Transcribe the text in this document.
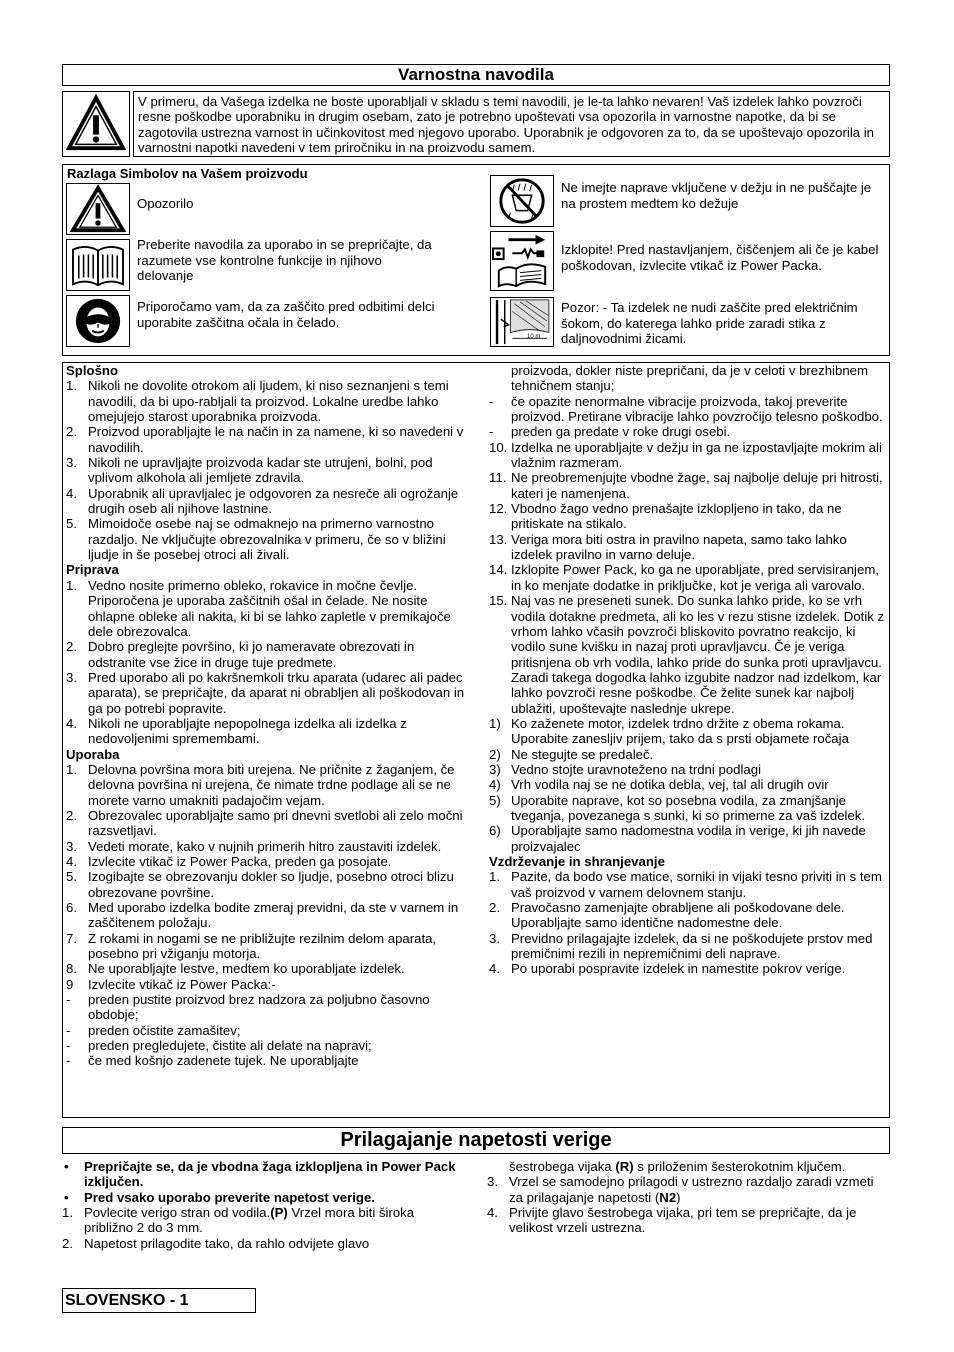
Varnostna navodila

V primeru, da Vašega izdelka ne boste uporabljali v skladu s temi navodili, je le-ta lahko nevaren! Vaš izdelek lahko povzroči resne poškodbe uporabniku in drugim osebam, zato je potrebno upoštevati vsa opozorila in varnostne napotke, da bi se zagotovila ustrezna varnost in učinkovitost med njegovo uporabo. Uporabnik je odgovoren za to, da se upoštevajo opozorila in varnostni napotki navedeni v tem priročniku in na proizvodu samem.

Razlaga Simbolov na Vašem proizvodu
Opozorilo
Preberite navodila za uporabo in se prepričajte, da razumete vse kontrolne funkcije in njihovo delovanje
Priporočamo vam, da za zaščito pred odbitimi delci uporabite zaščitna očala in čelado.
Ne imejte naprave vključene v dežju in ne puščajte je na prostem medtem ko dežuje
Izklopite! Pred nastavljanjem, čiščenjem ali če je kabel poškodovan, izvlecite vtikač iz Power Packa.
10 m
Pozor: - Ta izdelek ne nudi zaščite pred električnim šokom, do katerega lahko pride zaradi stika z daljnovodnimi žicami.

Splošno

1. Nikoli ne dovolite otrokom ali ljudem, ki niso seznanjeni s temi navodili, da bi upo-rabljali ta proizvod. Lokalne uredbe lahko omejujejo starost uporabnika proizvoda.

2. Proizvod uporabljajte le na način in za namene, ki so navedeni v navodilih.

3. Nikoli ne upravljajte proizvoda kadar ste utrujeni, bolni, pod vplivom alkohola ali jemljete zdravila.

4. Uporabnik ali upravljalec je odgovoren za nesreče ali ogrožanje drugih oseb ali njihove lastnine.

5. Mimoidoče osebe naj se odmaknejo na primerno varnostno razdaljo. Ne vključujte obrezovalnika v primeru, če so v bližini ljudje in še posebej otroci ali živali.

Priprava

1. Vedno nosite primerno obleko, rokavice in močne čevlje. Priporočena je uporaba zaščitnih ošal in čelade. Ne nosite ohlapne obleke ali nakita, ki bi se lahko zapletle v premikajoče dele obrezovalca.

2. Dobro preglejte površino, ki jo nameravate obrezovati in odstranite vse žice in druge tuje predmete.

3. Pred uporabo ali po kakršnemkoli trku aparata (udarec ali padec aparata), se prepričajte, da aparat ni obrabljen ali poškodovan in ga po potrebi popravite.

4. Nikoli ne uporabljajte nepopolnega izdelka ali izdelka z nedovoljenimi spremembami.

Uporaba

1. Delovna površina mora biti urejena. Ne pričnite z žaganjem, če delovna površina ni urejena, če nimate trdne podlage ali se ne morete varno umakniti padajočim vejam.

2. Obrezovalec uporabljajte samo pri dnevni svetlobi ali zelo močni razsvetljavi.

3. Vedeti morate, kako v nujnih primerih hitro zaustaviti izdelek.

4. Izvlecite vtikač iz Power Packa, preden ga posojate.

5. Izogibajte se obrezovanju dokler so ljudje, posebno otroci blizu obrezovane površine.

6. Med uporabo izdelka bodite zmeraj previdni, da ste v varnem in zaščitenem položaju.

7. Z rokami in nogami se ne približujte rezilnim delom aparata, posebno pri vžiganju motorja.

8. Ne uporabljajte lestve, medtem ko uporabljate izdelek.

9 Izvlecite vtikač iz Power Packa:-

- preden pustite proizvod brez nadzora za poljubno časovno obdobje;

- preden očistite zamašitev;

- preden pregledujete, čistite ali delate na napravi;

- če med košnjo zadenete tujek. Ne uporabljajte

proizvoda, dokler niste prepričani, da je v celoti v brezhibnem tehničnem stanju;

- če opazite nenormalne vibracije proizvoda, takoj preverite proizvod. Pretirane vibracije lahko povzročijo telesno poškodbo.

- preden ga predate v roke drugi osebi.

10. Izdelka ne uporabljajte v dežju in ga ne izpostavljajte mokrim ali vlažnim razmeram.

11. Ne preobremenjujte vbodne žage, saj najbolje deluje pri hitrosti, kateri je namenjena.

12. Vbodno žago vedno prenašajte izklopljeno in tako, da ne pritiskate na stikalo.

13. Veriga mora biti ostra in pravilno napeta, samo tako lahko izdelek pravilno in varno deluje.

14. Izklopite Power Pack, ko ga ne uporabljate, pred servisiranjem, in ko menjate dodatke in priključke, kot je veriga ali varovalo.

15. Naj vas ne preseneti sunek. Do sunka lahko pride, ko se vrh vodila dotakne predmeta, ali ko les v rezu stisne izdelek. Dotik z vrhom lahko včasih povzroči bliskovito povratno reakcijo, ki vodilo sune kvišku in nazaj proti upravljavcu. Če je veriga pritisnjena ob vrh vodila, lahko pride do sunka proti upravljavcu. Zaradi takega dogodka lahko izgubite nadzor nad izdelkom, kar lahko povzroči resne poškodbe. Če želite sunek kar najbolj ublažiti, upoštevajte naslednje ukrepe.

1) Ko zaženete motor, izdelek trdno držite z obema rokama. Uporabite zanesljiv prijem, tako da s prsti objamete ročaja

2) Ne stegujte se predaleč.

3) Vedno stojte uravnoteženo na trdni podlagi

4) Vrh vodila naj se ne dotika debla, vej, tal ali drugih ovir

5) Uporabite naprave, kot so posebna vodila, za zmanjšanje tveganja, povezanega s sunki, ki so primerne za vaš izdelek.

6) Uporabljajte samo nadomestna vodila in verige, ki jih navede proizvajalec

Vzdrževanje in shranjevanje

1. Pazite, da bodo vse matice, sorniki in vijaki tesno priviti in s tem vaš proizvod v varnem delovnem stanju.

2. Pravočasno zamenjajte obrabljene ali poškodovane dele. Uporabljajte samo identične nadomestne dele.

3. Previdno prilagajajte izdelek, da si ne poškodujete prstov med premičnimi rezili in nepremičnimi deli naprave.

4. Po uporabi pospravite izdelek in namestite pokrov verige.

Prilagajanje napetosti verige

• Prepričajte se, da je vbodna žaga izklopljena in Power Pack izključen.

• Pred vsako uporabo preverite napetost verige.

1. Povlecite verigo stran od vodila.(P) Vrzel mora biti široka približno 2 do 3 mm.

2. Napetost prilagodite tako, da rahlo odvijete glavo

šestrobega vijaka (R) s priloženim šesterokotnim ključem.

3. Vrzel se samodejno prilagodi v ustrezno razdaljo zaradi vzmeti za prilagajanje napetosti (N2)

4. Privijte glavo šestrobega vijaka, pri tem se prepričajte, da je velikost vrzeli ustrezna.

SLOVENSKO - 1
